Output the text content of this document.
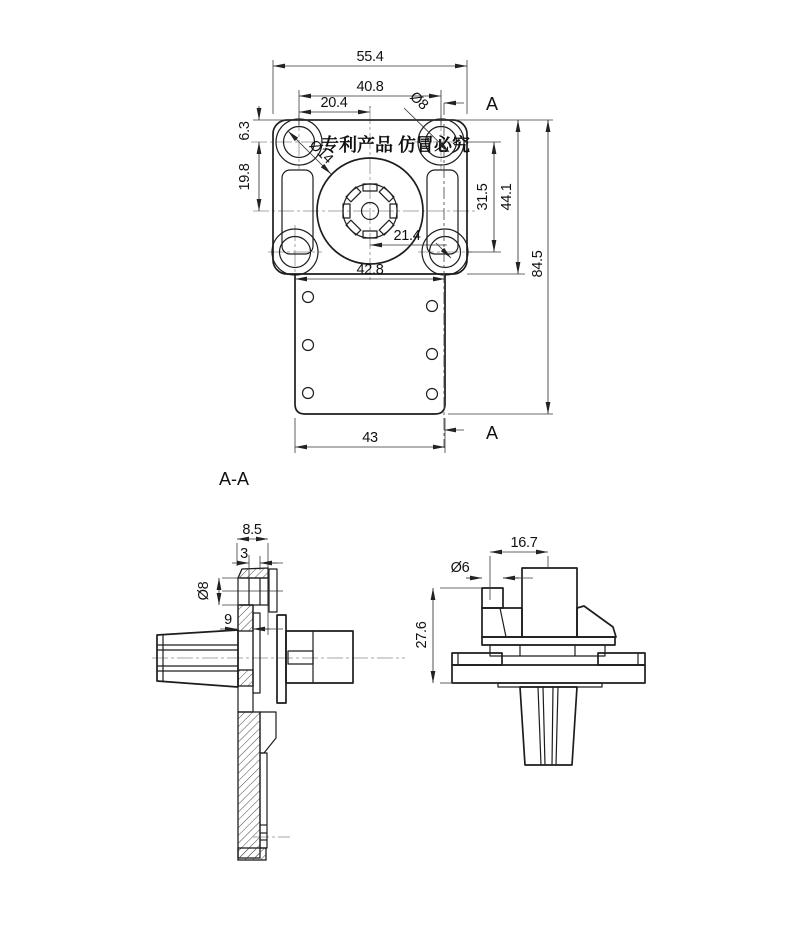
专利产品 仿冒必究
A
A
55.4
40.8
20.4	Ø8
Ø14
6.3
19.8
21.4
42.8
31.5 44.1
84.5
43
A-A
8.5
3
Ø8
9
16.7
Ø6
27.6
